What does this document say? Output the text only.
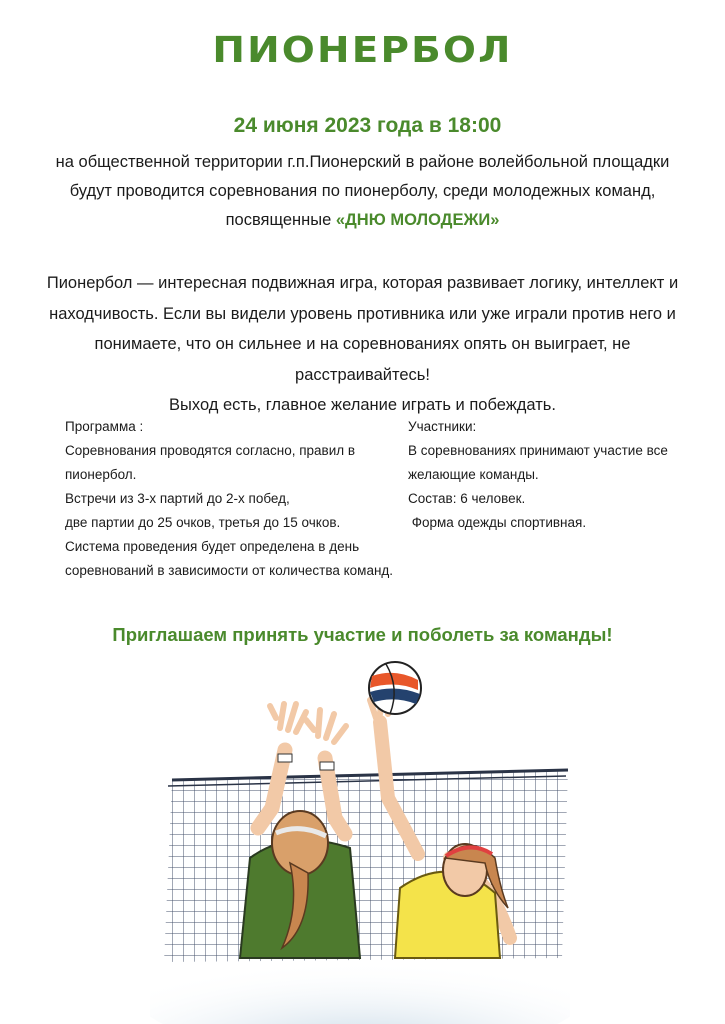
ПИОНЕРБОЛ
24 июня 2023 года в 18:00
на общественной территории г.п.Пионерский в районе волейбольной площадки
будут проводится соревнования по пионерболу, среди молодежных команд,
посвященные «ДНЮ МОЛОДЕЖИ»
Пионербол — интересная подвижная игра, которая развивает логику, интеллект и
находчивость. Если вы видели уровень противника или уже играли против него и
понимаете, что он сильнее и на соревнованиях опять он выиграет, не расстраивайтесь!
Выход есть, главное желание играть и побеждать.
Программа :
Соревнования проводятся согласно, правил в
пионербол.
Встречи из 3-х партий до 2-х побед,
две партии до 25 очков, третья до 15 очков.
Система проведения будет определена в день
соревнований в зависимости от количества команд.
Участники:
В соревнованиях принимают участие все
желающие команды.
Состав: 6 человек.
Форма одежды спортивная.
Приглашаем принять участие и поболеть за команды!
